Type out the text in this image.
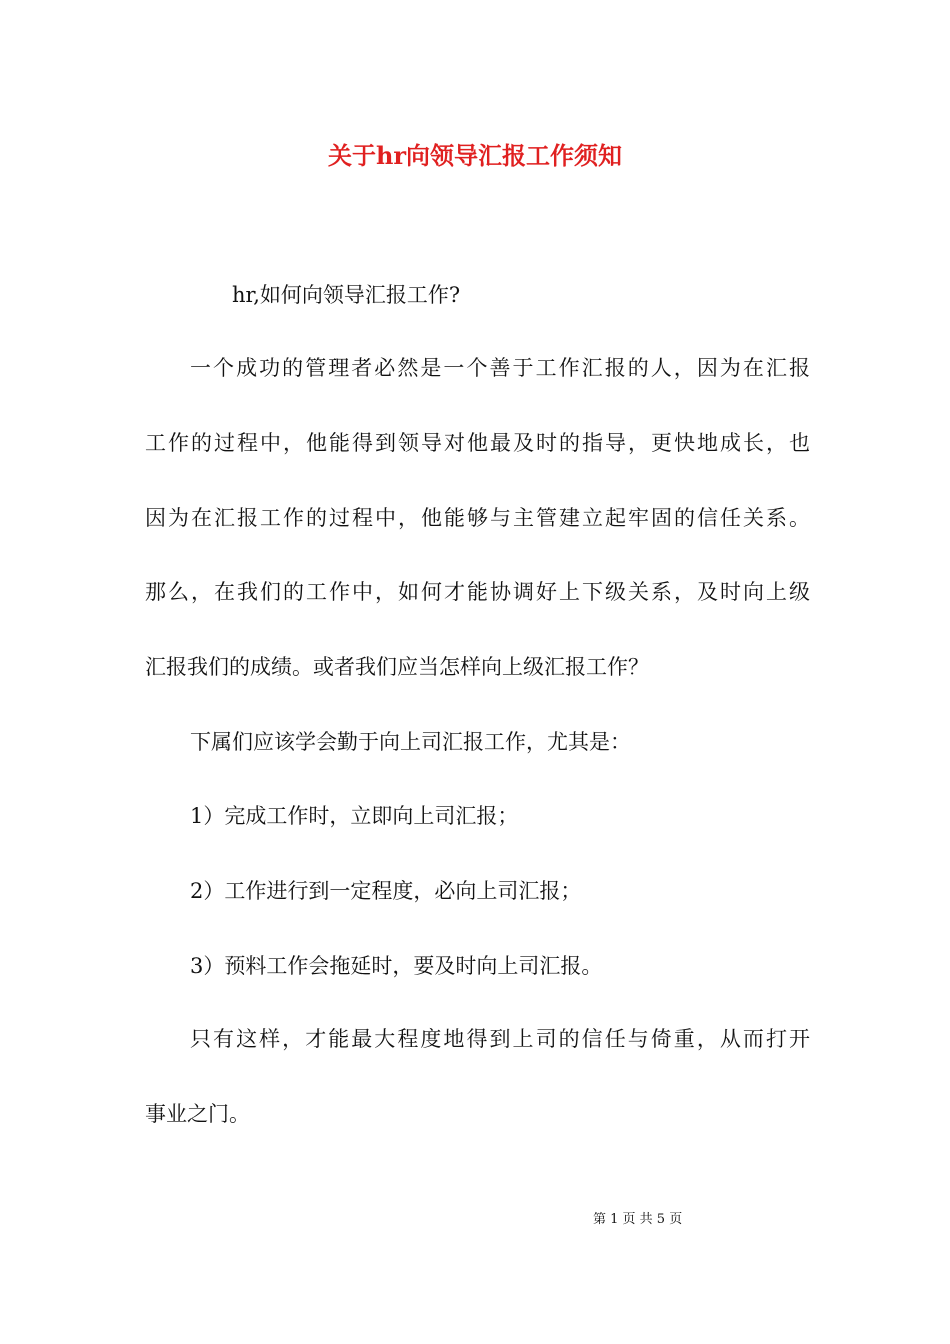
关于hr向领导汇报工作须知
hr,如何向领导汇报工作?
一个成功的管理者必然是一个善于工作汇报的人，因为在汇报
工作的过程中，他能得到领导对他最及时的指导，更快地成长，也
因为在汇报工作的过程中，他能够与主管建立起牢固的信任关系。
那么，在我们的工作中，如何才能协调好上下级关系，及时向上级
汇报我们的成绩。或者我们应当怎样向上级汇报工作？
下属们应该学会勤于向上司汇报工作，尤其是：
1）完成工作时，立即向上司汇报；
2）工作进行到一定程度，必向上司汇报；
3）预料工作会拖延时，要及时向上司汇报。
只有这样，才能最大程度地得到上司的信任与倚重，从而打开
事业之门。
第 1 页 共 5 页
